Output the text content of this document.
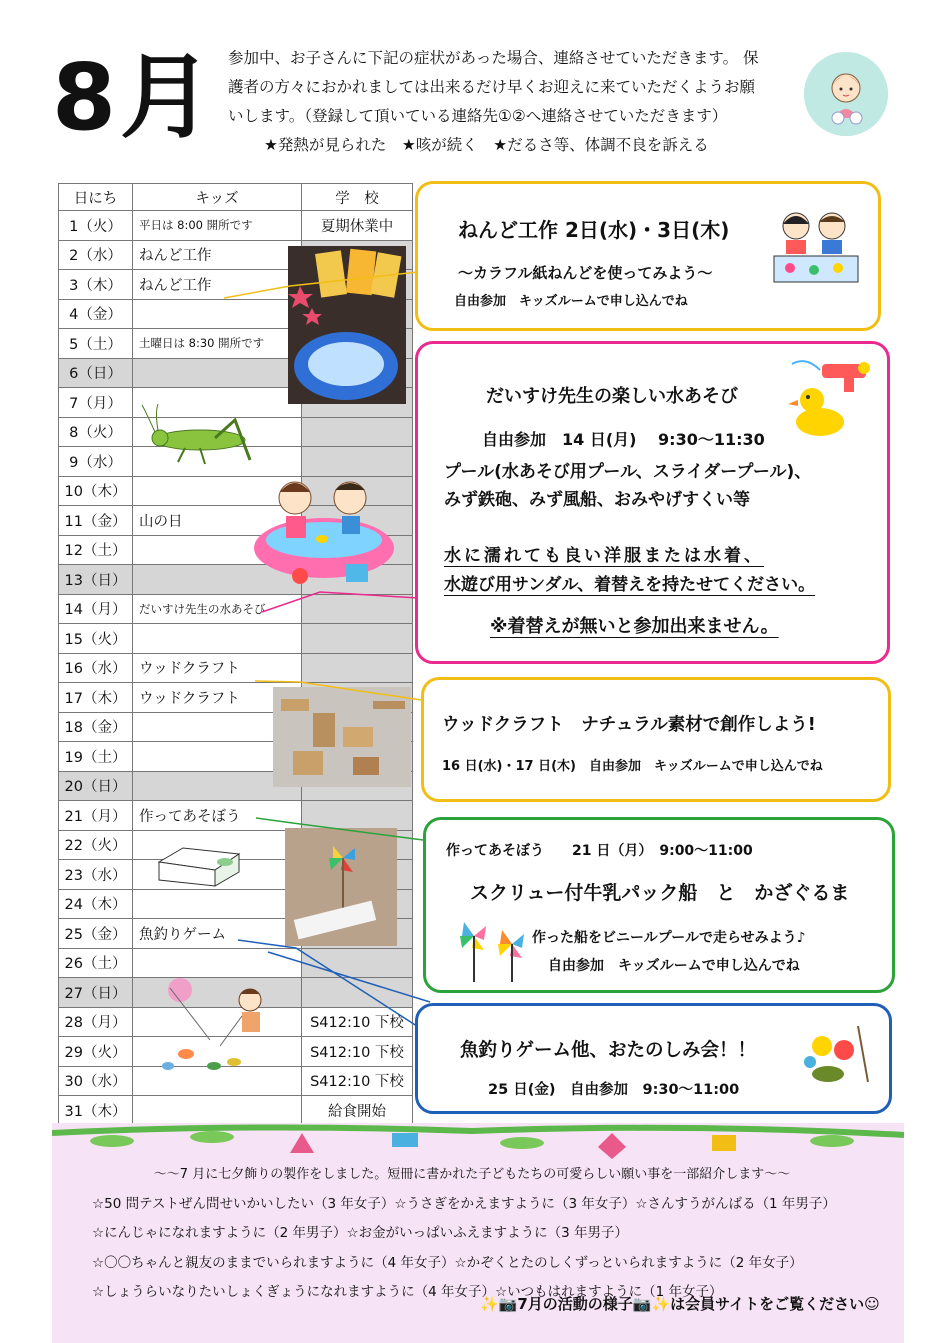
8月 参加中、お子さんに下記の症状があった場合、連絡させていただきます。 保

護者の方々におかれましては出来るだけ早くお迎えに来ていただくようお願

いします。（登録して頂いている連絡先①②へ連絡させていただきます）

★発熱が見られた　★咳が続く　★だるさ等、体調不良を訴える

日にち	キッズ	学　校
1（火）	平日は 8:00 開所です	夏期休業中
2（水）	ねんど工作	
3（木）	ねんど工作	
4（金）		
5（土）	土曜日は 8:30 開所です	
6（日）		
7（月）		
8（火）		
9（水）		
10（木）		
11（金）	山の日	
12（土）		
13（日）		
14（月）	だいすけ先生の水あそび	
15（火）		
16（水）	ウッドクラフト	
17（木）	ウッドクラフト	
18（金）		
19（土）		
20（日）		
21（月）	作ってあそぼう	
22（火）		
23（水）		
24（木）		
25（金）	魚釣りゲーム	
26（土）		
27（日）		
28（月）		S412:10 下校
29（火）		S412:10 下校
30（水）		S412:10 下校
31（木）		給食開始
ねんど工作 2日(水)・3日(木)
～カラフル紙ねんどを使ってみよう～
自由参加　キッズルームで申し込んでね
だいすけ先生の楽しい水あそび
自由参加　14 日(月)　 9:30～11:30
プール(水あそび用プール、スライダープール)、
みず鉄砲、みず風船、おみやげすくい等
水に濡れても良い洋服または水着、
水遊び用サンダル、着替えを持たせてください。
※着替えが無いと参加出来ません。
ウッドクラフト　ナチュラル素材で創作しよう!
16 日(水)・17 日(木)　自由参加　キッズルームで申し込んでね
作ってあそぼう　　21 日（月）　9:00～11:00
スクリュー付牛乳パック船　と　かざぐるま
作った船をビニールプールで走らせみよう♪
自由参加　キッズルームで申し込んでね
魚釣りゲーム他、おたのしみ会！！
25 日(金)　自由参加　9:30～11:00
～～7 月に七夕飾りの製作をしました。短冊に書かれた子どもたちの可愛らしい願い事を一部紹介します～～
☆50 問テストぜん問せいかいしたい（3 年女子）☆うさぎをかえますように（3 年女子）☆さんすうがんばる（1 年男子）
☆にんじゃになれますように（2 年男子）☆お金がいっぱいふえますように（3 年男子）
☆〇〇ちゃんと親友のままでいられますように（4 年女子）☆かぞくとたのしくずっといられますように（2 年女子）
☆しょうらいなりたいしょくぎょうになれますように（4 年女子）☆いつもはれますように（1 年女子）
✨📷7月の活動の様子📷✨は会員サイトをご覧ください☺
